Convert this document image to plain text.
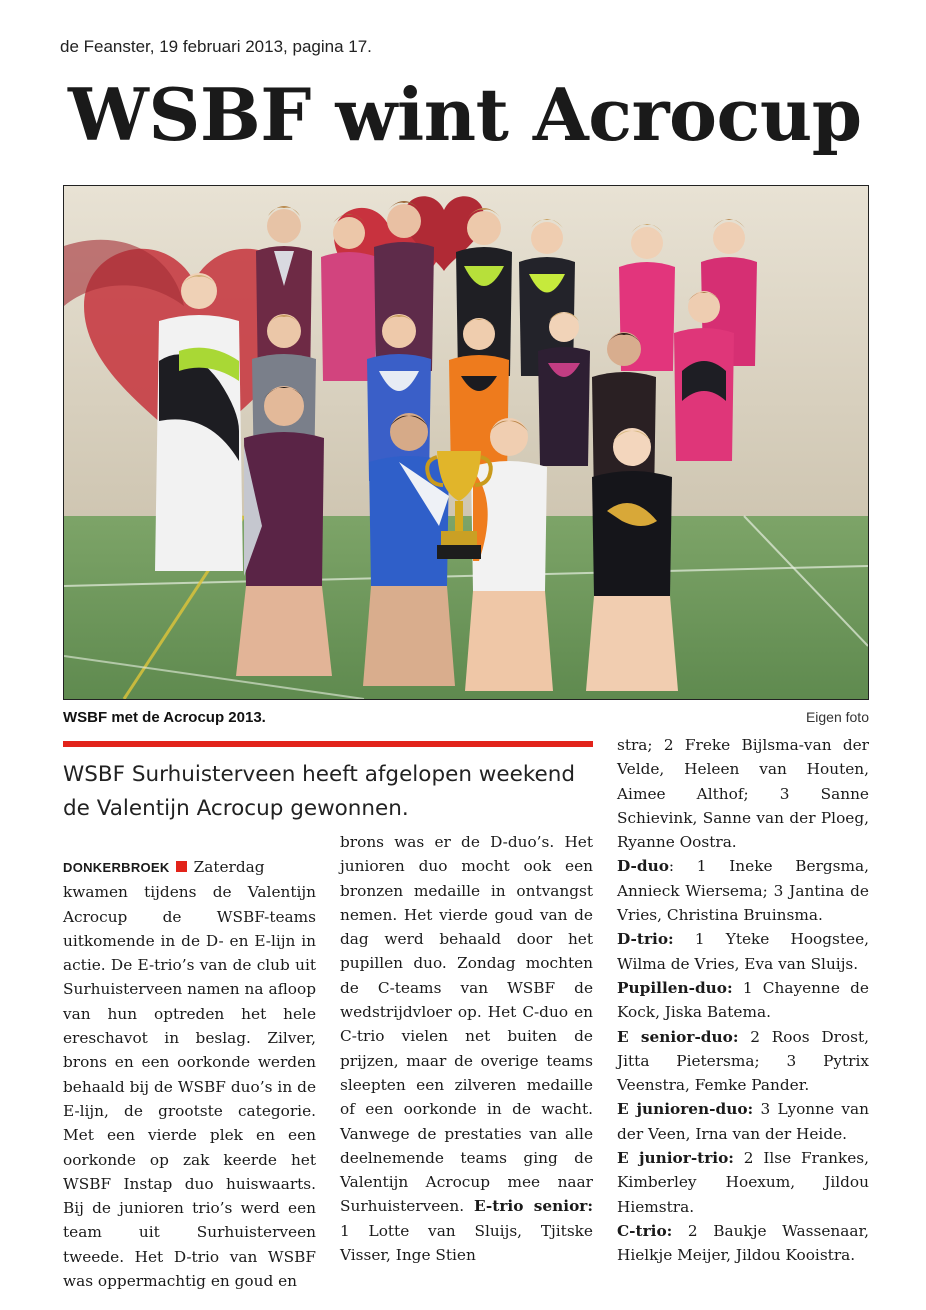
de Feanster, 19 februari 2013, pagina 17.
WSBF wint Acrocup
WSBF met de Acrocup 2013.	Eigen foto
WSBF Surhuisterveen heeft afgelopen weekend de Valentijn Acrocup gewonnen.

DONKERBROEK Zaterdag kwamen tijdens de Valentijn Acrocup de WSBF-teams uitkomende in de D- en E-lijn in actie. De E-trio’s van de club uit Surhuisterveen namen na afloop van hun optreden het hele ereschavot in beslag. Zilver, brons en een oorkonde werden behaald bij de WSBF duo’s in de E-lijn, de grootste categorie. Met een vierde plek en een oorkonde op zak keerde het WSBF Instap duo huiswaarts. Bij de junioren trio’s werd een team uit Surhuisterveen tweede. Het D-trio van WSBF was oppermachtig en goud en

brons was er de D-duo’s. Het junioren duo mocht ook een bronzen medaille in ontvangst nemen. Het vierde goud van de dag werd behaald door het pupillen duo. Zondag mochten de C-teams van WSBF de wedstrijdvloer op. Het C-duo en C-trio vielen net buiten de prijzen, maar de overige teams sleepten een zilveren medaille of een oorkonde in de wacht. Vanwege de prestaties van alle deelnemende teams ging de Valentijn Acrocup mee naar Surhuisterveen. E-trio senior: 1 Lotte van Sluijs, Tjitske Visser, Inge Stien

stra; 2 Freke Bijlsma-van der Velde, Heleen van Houten, Aimee Althof; 3 Sanne Schievink, Sanne van der Ploeg, Ryanne Oostra.

D-duo: 1 Ineke Bergsma, Annieck Wiersema; 3 Jantina de Vries, Christina Bruinsma.

D-trio: 1 Yteke Hoogstee, Wilma de Vries, Eva van Sluijs.

Pupillen-duo: 1 Chayenne de Kock, Jiska Batema.

E senior-duo: 2 Roos Drost, Jitta Pietersma; 3 Pytrix Veenstra, Femke Pander.

E junioren-duo: 3 Lyonne van der Veen, Irna van der Heide.

E junior-trio: 2 Ilse Frankes, Kimberley Hoexum, Jildou Hiemstra.

C-trio: 2 Baukje Wassenaar, Hielkje Meijer, Jildou Kooistra.
